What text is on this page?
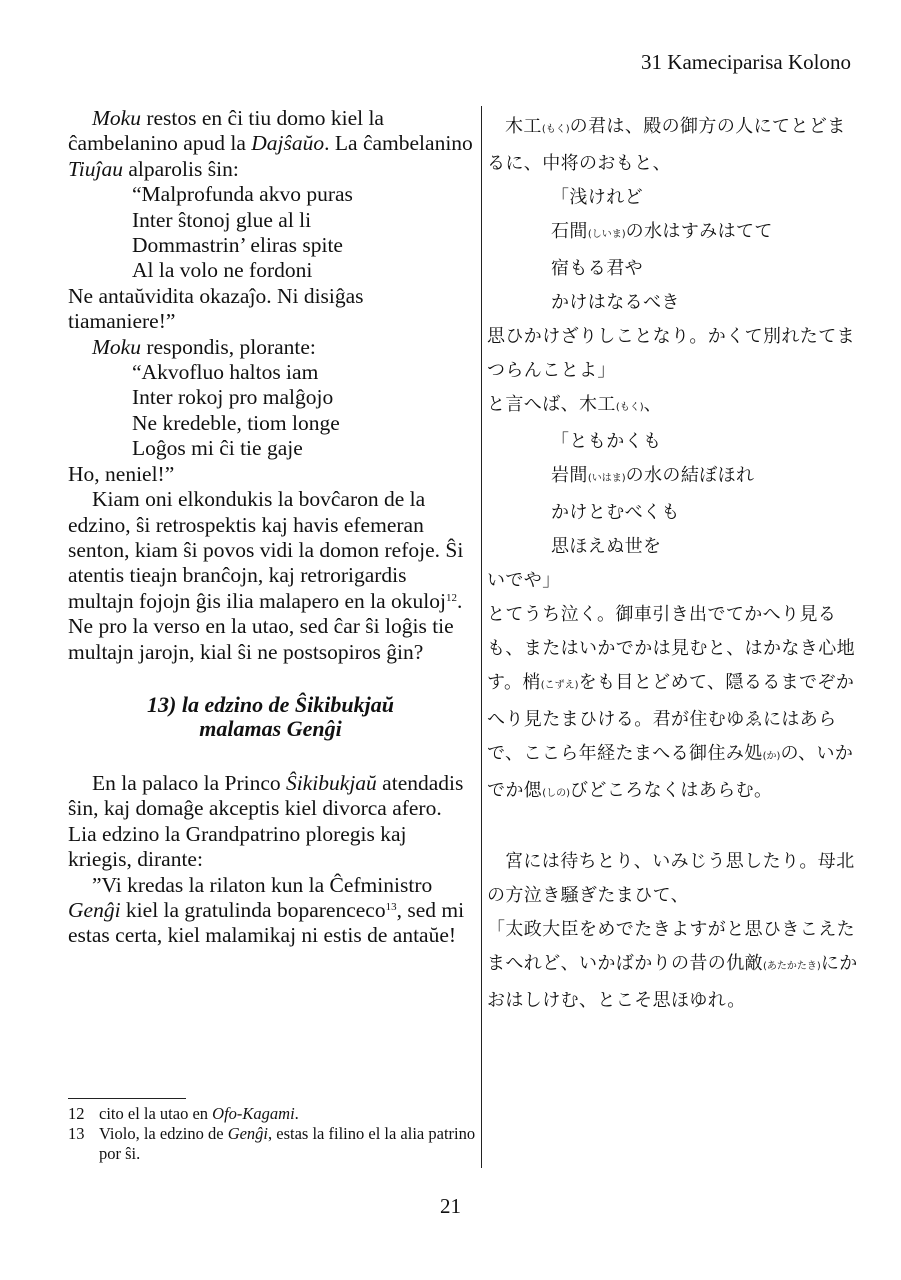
31 Kameciparisa Kolono

Moku restos en ĉi tiu domo kiel la ĉambelanino apud la Dajŝaŭo. La ĉambelanino Tiuĵau alparolis ŝin:

“Malprofunda akvo puras

Inter ŝtonoj glue al li

Dommastrin’ eliras spite

Al la volo ne fordoni

Ne antaŭvidita okazaĵo. Ni disiĝas tiamaniere!”

Moku respondis, plorante:

“Akvofluo haltos iam

Inter rokoj pro malĝojo

Ne kredeble, tiom longe

Loĝos mi ĉi tie gaje

Ho, neniel!”

Kiam oni elkondukis la bovĉaron de la edzino, ŝi retrospektis kaj havis efemeran senton, kiam ŝi povos vidi la domon refoje. Ŝi atentis tieajn branĉojn, kaj retrorigardis multajn fojojn ĝis ilia malapero en la okuloj$^{12}$. Ne pro la verso en la utao, sed ĉar ŝi loĝis tie multajn jarojn, kial ŝi ne postsopiros ĝin?

13) la edzino de Ŝikibukjaŭ
malamas Genĝi

En la palaco la Princo Ŝikibukjaŭ atendadis ŝin, kaj domaĝe akceptis kiel divorca afero. Lia edzino la Grandpatrino ploregis kaj kriegis, dirante:

”Vi kredas la rilaton kun la Ĉefministro Genĝi kiel la gratulinda boparenceco$^{13}$, sed mi estas certa, kiel malamikaj ni estis de antaŭe!

木工(もく)の君は、殿の御方の人にてとどまるに、中将のおもと、

「浅けれど

石間(しいま)の水はすみはてて

宿もる君や

かけはなるべき

思ひかけざりしことなり。かくて別れたてまつらんことよ」

と言へば、木工(もく)、

「ともかくも

岩間(いはま)の水の結ぼほれ

かけとむべくも

思ほえぬ世を

いでや」

とてうち泣く。御車引き出でてかへり見るも、またはいかでかは見むと、はかなき心地す。梢(こずえ)をも目とどめて、隠るるまでぞかへり見たまひける。君が住むゆゑにはあらで、ここら年経たまへる御住み処(か)の、いかでか偲(しの)びどころなくはあらむ。

宮には待ちとり、いみじう思したり。母北の方泣き騒ぎたまひて、

「太政大臣をめでたきよすがと思ひきこえたまへれど、いかばかりの昔の仇敵(あたかたき)にかおはしけむ、とこそ思ほゆれ。

12 cito el la utao en Ofo-Kagami.
13 Violo, la edzino de Genĝi, estas la filino el la alia patrino por ŝi.
21
